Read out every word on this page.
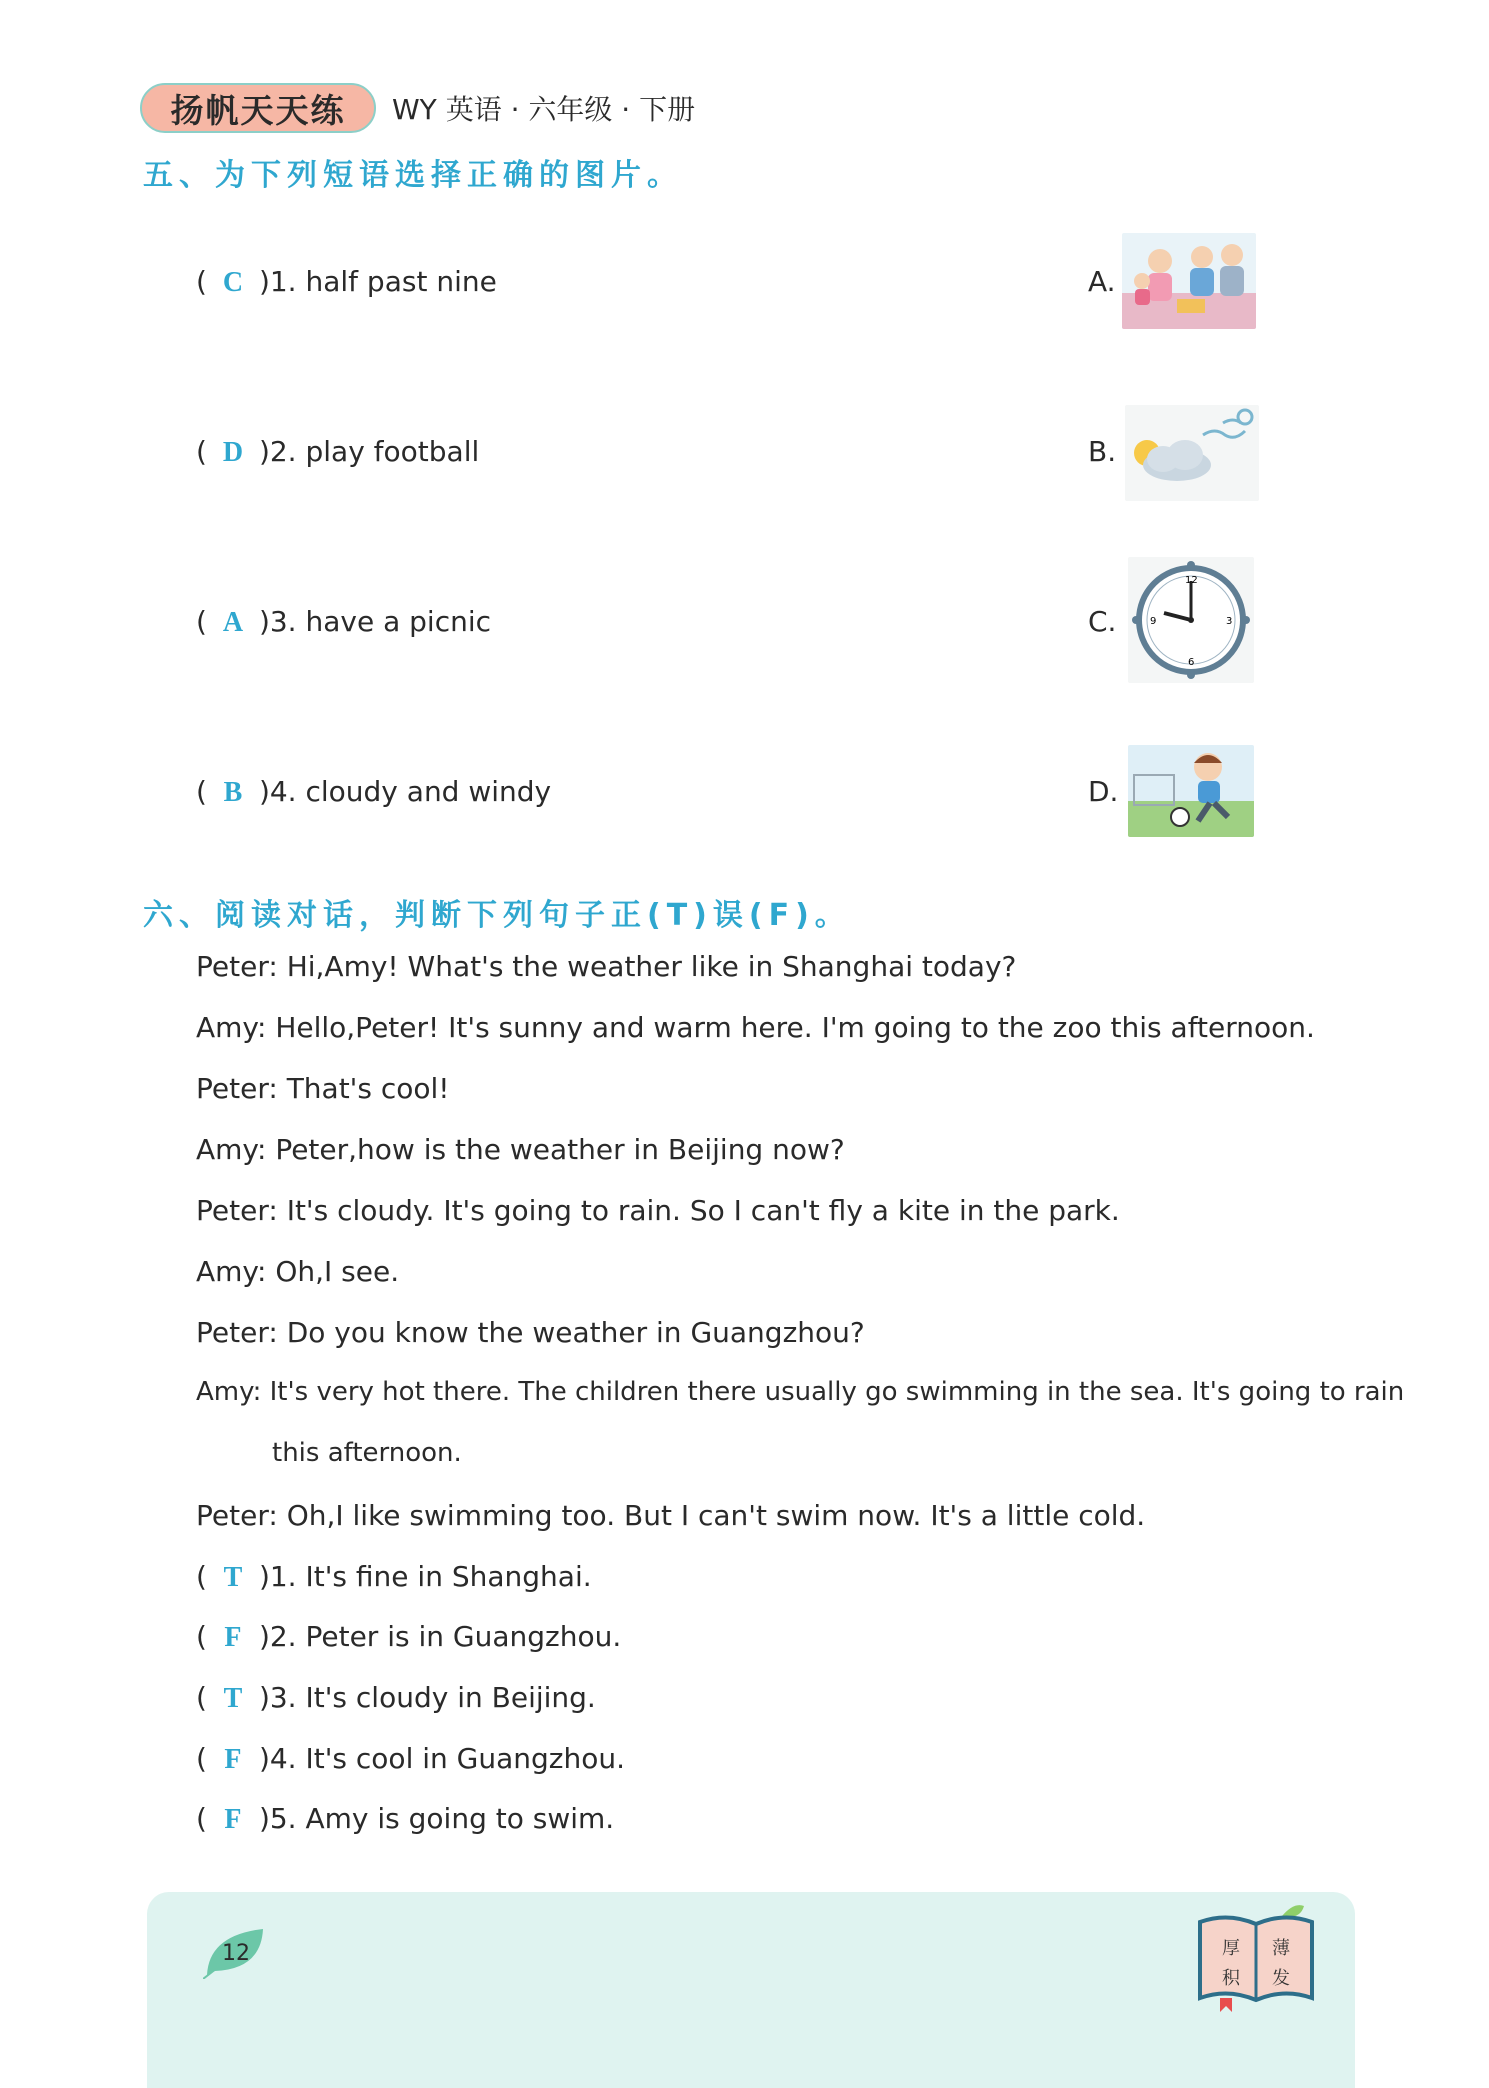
扬帆天天练	WY 英语 · 六年级 · 下册
五、为下列短语选择正确的图片。
( C )1.
half past nine
( D )2.
play football
( A )3.
have a picnic
( B )4.
cloudy and windy
A.
B.
C.
12
3
6
9
D.
六、阅读对话，判断下列句子正(T)误(F)。
Peter: Hi,Amy! What's the weather like in Shanghai today?
Amy: Hello,Peter! It's sunny and warm here. I'm going to the zoo this afternoon.
Peter: That's cool!
Amy: Peter,how is the weather in Beijing now?
Peter: It's cloudy. It's going to rain. So I can't fly a kite in the park.
Amy: Oh,I see.
Peter: Do you know the weather in Guangzhou?
Amy: It's very hot there. The children there usually go swimming in the sea. It's going to rain
this afternoon.
Peter: Oh,I like swimming too. But I can't swim now. It's a little cold.
( T )1.
It's fine in Shanghai.
( F )2.
Peter is in Guangzhou.
( T )3.
It's cloudy in Beijing.
( F )4.
It's cool in Guangzhou.
( F )5.
Amy is going to swim.
12	厚 薄
积 发
